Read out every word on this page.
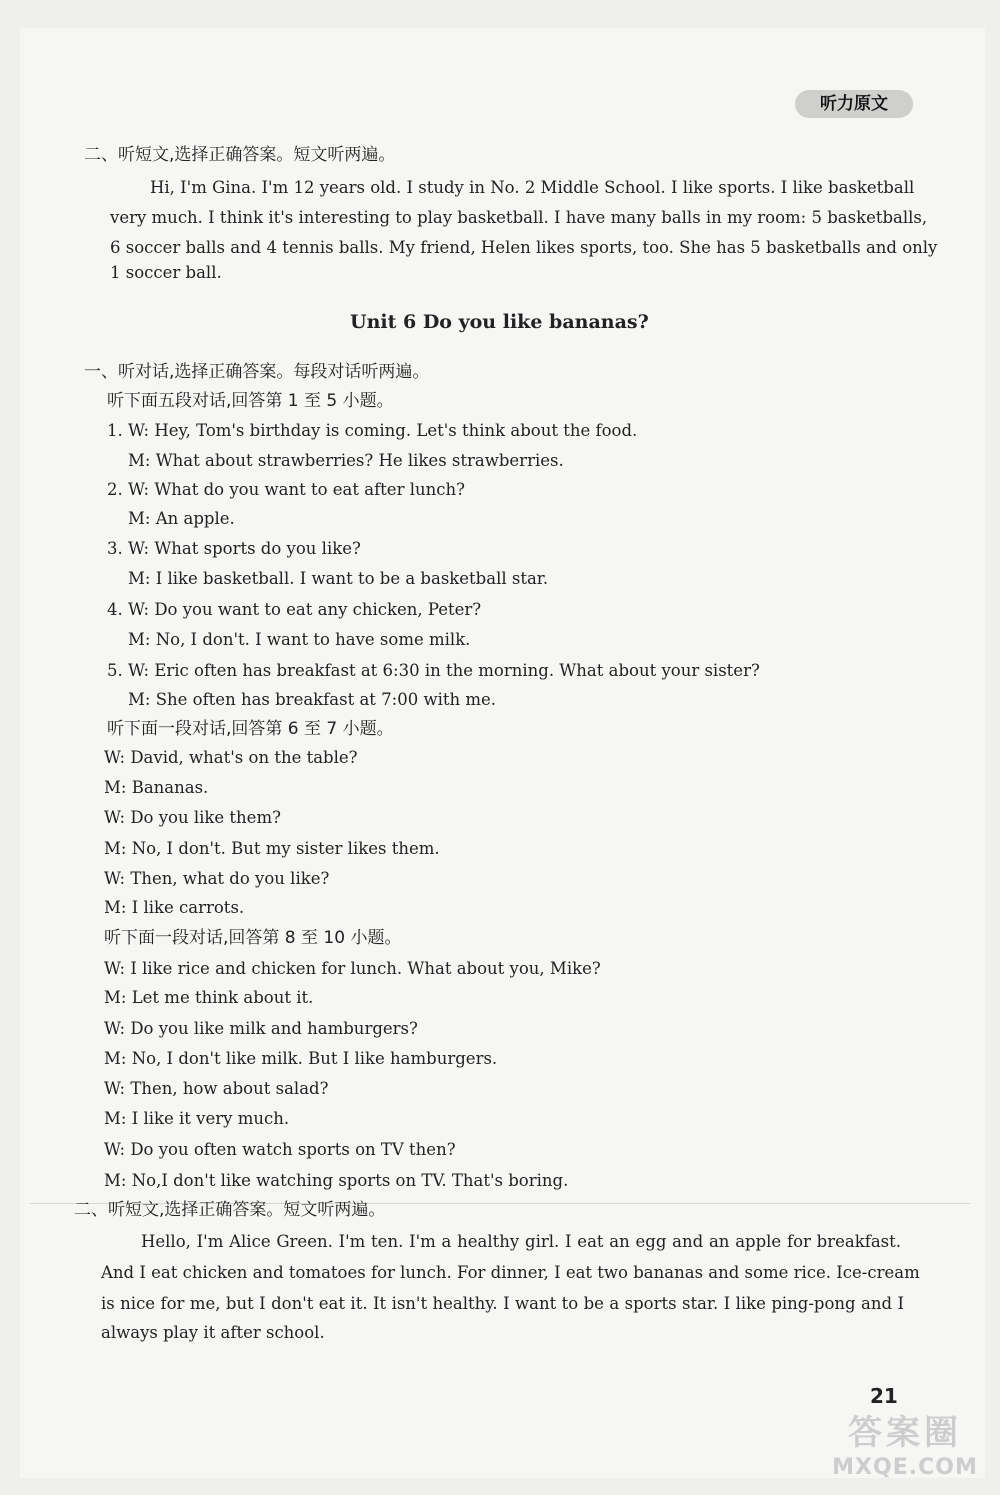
听力原文
二、听短文,选择正确答案。短文听两遍。
Hi, I'm Gina. I'm 12 years old. I study in No. 2 Middle School. I like sports. I like basketball
very much. I think it's interesting to play basketball. I have many balls in my room: 5 basketballs,
6 soccer balls and 4 tennis balls. My friend, Helen likes sports, too. She has 5 basketballs and only
1 soccer ball.
Unit 6 Do you like bananas?
一、听对话,选择正确答案。每段对话听两遍。
听下面五段对话,回答第 1 至 5 小题。
1. W: Hey, Tom's birthday is coming. Let's think about the food.
M: What about strawberries? He likes strawberries.
2. W: What do you want to eat after lunch?
M: An apple.
3. W: What sports do you like?
M: I like basketball. I want to be a basketball star.
4. W: Do you want to eat any chicken, Peter?
M: No, I don't. I want to have some milk.
5. W: Eric often has breakfast at 6:30 in the morning. What about your sister?
M: She often has breakfast at 7:00 with me.
听下面一段对话,回答第 6 至 7 小题。
W: David, what's on the table?
M: Bananas.
W: Do you like them?
M: No, I don't. But my sister likes them.
W: Then, what do you like?
M: I like carrots.
听下面一段对话,回答第 8 至 10 小题。
W: I like rice and chicken for lunch. What about you, Mike?
M: Let me think about it.
W: Do you like milk and hamburgers?
M: No, I don't like milk. But I like hamburgers.
W: Then, how about salad?
M: I like it very much.
W: Do you often watch sports on TV then?
M: No,I don't like watching sports on TV. That's boring.
二、听短文,选择正确答案。短文听两遍。
Hello, I'm Alice Green. I'm ten. I'm a healthy girl. I eat an egg and an apple for breakfast.
And I eat chicken and tomatoes for lunch. For dinner, I eat two bananas and some rice. Ice-cream
is nice for me, but I don't eat it. It isn't healthy. I want to be a sports star. I like ping-pong and I
always play it after school.
21
答案圈
MXQE.COM
